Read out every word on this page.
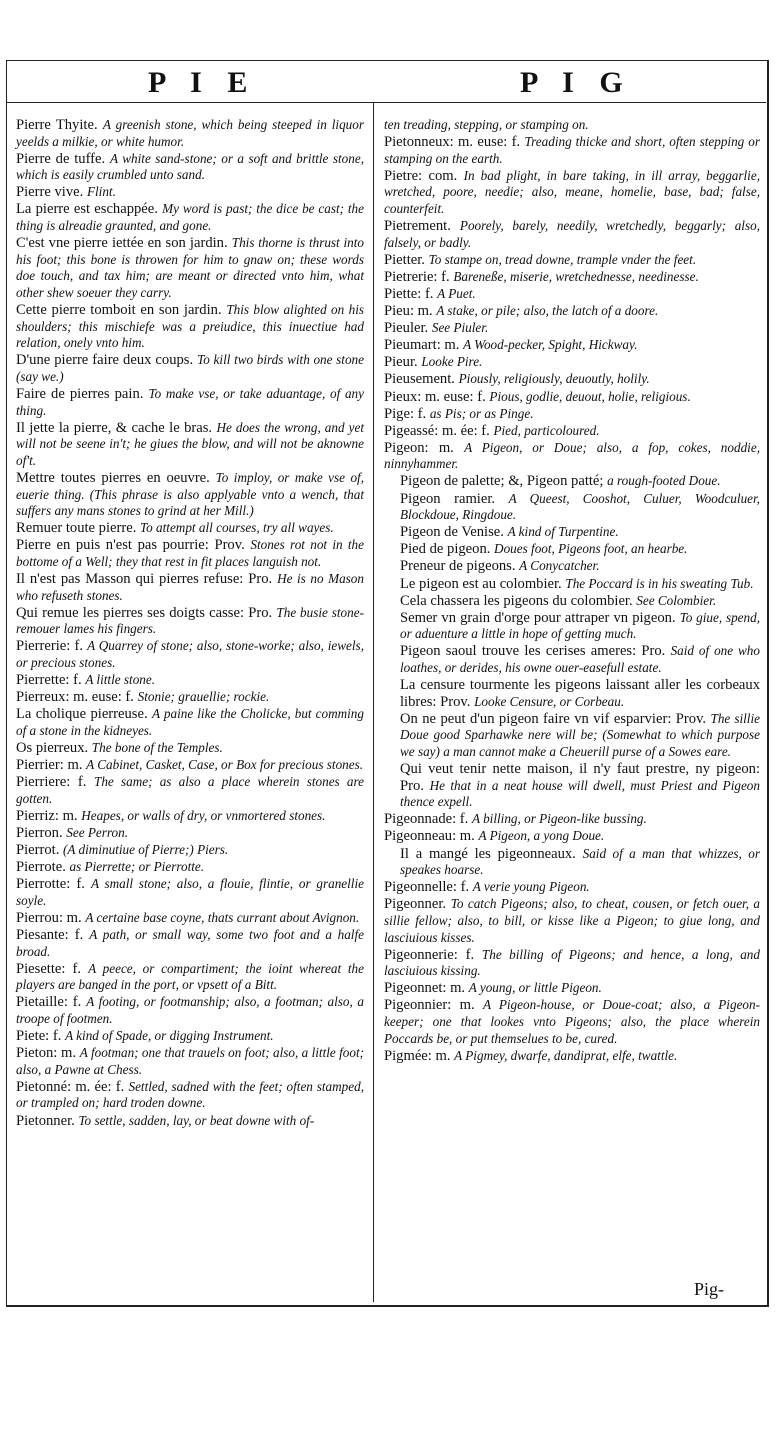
P I E	P I G

Pierre Thyite. A greenish stone, which being steeped in liquor yeelds a milkie, or white humor.

Pierre de tuffe. A white sand-stone; or a soft and brittle stone, which is easily crumbled unto sand.

Pierre vive. Flint.

La pierre est eschappée. My word is past; the dice be cast; the thing is alreadie graunted, and gone.

C'est vne pierre iettée en son jardin. This thorne is thrust into his foot; this bone is throwen for him to gnaw on; these words doe touch, and tax him; are meant or directed vnto him, what other shew soeuer they carry.

Cette pierre tomboit en son jardin. This blow alighted on his shoulders; this mischiefe was a preiudice, this inuectiue had relation, onely vnto him.

D'une pierre faire deux coups. To kill two birds with one stone (say we.)

Faire de pierres pain. To make vse, or take aduantage, of any thing.

Il jette la pierre, & cache le bras. He does the wrong, and yet will not be seene in't; he giues the blow, and will not be aknowne of't.

Mettre toutes pierres en oeuvre. To imploy, or make vse of, euerie thing. (This phrase is also applyable vnto a wench, that suffers any mans stones to grind at her Mill.)

Remuer toute pierre. To attempt all courses, try all wayes.

Pierre en puis n'est pas pourrie: Prov. Stones rot not in the bottome of a Well; they that rest in fit places languish not.

Il n'est pas Masson qui pierres refuse: Pro. He is no Mason who refuseth stones.

Qui remue les pierres ses doigts casse: Pro. The busie stone-remouer lames his fingers.

Pierrerie: f. A Quarrey of stone; also, stone-worke; also, iewels, or precious stones.

Pierrette: f. A little stone.

Pierreux: m. euse: f. Stonie; grauellie; rockie.

La cholique pierreuse. A paine like the Cholicke, but comming of a stone in the kidneyes.

Os pierreux. The bone of the Temples.

Pierrier: m. A Cabinet, Casket, Case, or Box for precious stones.

Pierriere: f. The same; as also a place wherein stones are gotten.

Pierriz: m. Heapes, or walls of dry, or vnmortered stones.

Pierron. See Perron.

Pierrot. (A diminutiue of Pierre;) Piers.

Pierrote. as Pierrette; or Pierrotte.

Pierrotte: f. A small stone; also, a flouie, flintie, or granellie soyle.

Pierrou: m. A certaine base coyne, thats currant about Avignon.

Piesante: f. A path, or small way, some two foot and a halfe broad.

Piesette: f. A peece, or compartiment; the ioint whereat the players are banged in the port, or vpsett of a Bitt.

Pietaille: f. A footing, or footmanship; also, a footman; also, a troope of footmen.

Piete: f. A kind of Spade, or digging Instrument.

Pieton: m. A footman; one that trauels on foot; also, a little foot; also, a Pawne at Chess.

Pietonné: m. ée: f. Settled, sadned with the feet; often stamped, or trampled on; hard troden downe.

Pietonner. To settle, sadden, lay, or beat downe with of-

ten treading, stepping, or stamping on.

Pietonneux: m. euse: f. Treading thicke and short, often stepping or stamping on the earth.

Pietre: com. In bad plight, in bare taking, in ill array, beggarlie, wretched, poore, needie; also, meane, homelie, base, bad; false, counterfeit.

Pietrement. Poorely, barely, needily, wretchedly, beggarly; also, falsely, or badly.

Pietter. To stampe on, tread downe, trample vnder the feet.

Pietrerie: f. Bareneße, miserie, wretchednesse, needinesse.

Piette: f. A Puet.

Pieu: m. A stake, or pile; also, the latch of a doore.

Pieuler. See Piuler.

Pieumart: m. A Wood-pecker, Spight, Hickway.

Pieur. Looke Pire.

Pieusement. Piously, religiously, deuoutly, holily.

Pieux: m. euse: f. Pious, godlie, deuout, holie, religious.

Pige: f. as Pis; or as Pinge.

Pigeassé: m. ée: f. Pied, particoloured.

Pigeon: m. A Pigeon, or Doue; also, a fop, cokes, noddie, ninnyhammer.

Pigeon de palette; &, Pigeon patté; a rough-footed Doue.

Pigeon ramier. A Queest, Cooshot, Culuer, Woodculuer, Blockdoue, Ringdoue.

Pigeon de Venise. A kind of Turpentine.

Pied de pigeon. Doues foot, Pigeons foot, an hearbe.

Preneur de pigeons. A Conycatcher.

Le pigeon est au colombier. The Poccard is in his sweating Tub.

Cela chassera les pigeons du colombier. See Colombier.

Semer vn grain d'orge pour attraper vn pigeon. To giue, spend, or aduenture a little in hope of getting much.

Pigeon saoul trouve les cerises ameres: Pro. Said of one who loathes, or derides, his owne ouer-easefull estate.

La censure tourmente les pigeons laissant aller les corbeaux libres: Prov. Looke Censure, or Corbeau.

On ne peut d'un pigeon faire vn vif esparvier: Prov. The sillie Doue good Sparhawke nere will be; (Somewhat to which purpose we say) a man cannot make a Cheuerill purse of a Sowes eare.

Qui veut tenir nette maison, il n'y faut prestre, ny pigeon: Pro. He that in a neat house will dwell, must Priest and Pigeon thence expell.

Pigeonnade: f. A billing, or Pigeon-like bussing.

Pigeonneau: m. A Pigeon, a yong Doue.

Il a mangé les pigeonneaux. Said of a man that whizzes, or speakes hoarse.

Pigeonnelle: f. A verie young Pigeon.

Pigeonner. To catch Pigeons; also, to cheat, cousen, or fetch ouer, a sillie fellow; also, to bill, or kisse like a Pigeon; to giue long, and lasciuious kisses.

Pigeonnerie: f. The billing of Pigeons; and hence, a long, and lasciuious kissing.

Pigeonnet: m. A young, or little Pigeon.

Pigeonnier: m. A Pigeon-house, or Doue-coat; also, a Pigeon-keeper; one that lookes vnto Pigeons; also, the place wherein Poccards be, or put themselues to be, cured.

Pigmée: m. A Pigmey, dwarfe, dandiprat, elfe, twattle.

Pig-
